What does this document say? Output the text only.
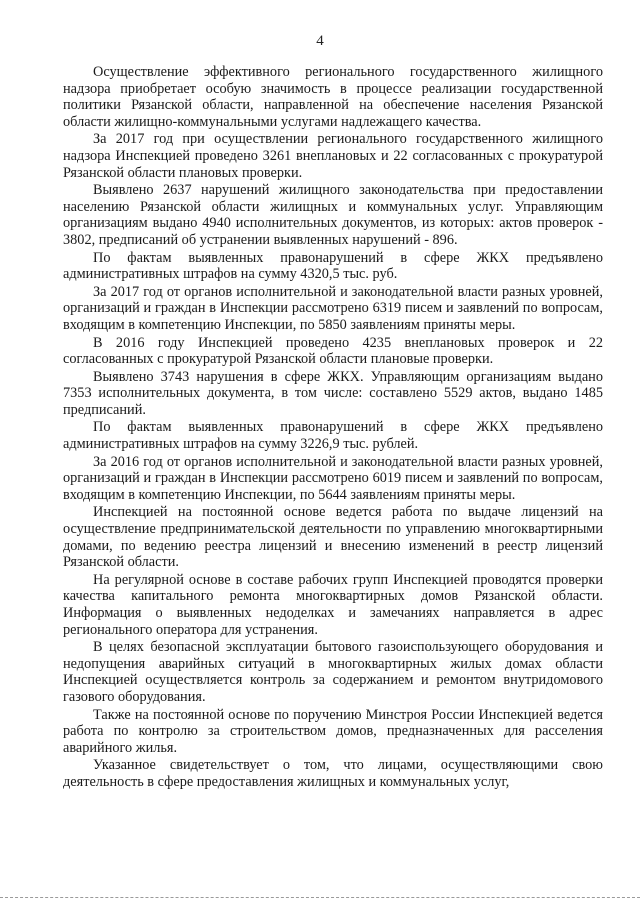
4

Осуществление эффективного регионального государственного жилищного надзора приобретает особую значимость в процессе реализации государственной политики Рязанской области, направленной на обеспечение населения Рязанской области жилищно-коммунальными услугами надлежащего качества.

За 2017 год при осуществлении регионального государственного жилищного надзора Инспекцией проведено 3261 внеплановых и 22 согласованных с прокуратурой Рязанской области плановых проверки.

Выявлено 2637 нарушений жилищного законодательства при предоставлении населению Рязанской области жилищных и коммунальных услуг. Управляющим организациям выдано 4940 исполнительных документов, из которых: актов проверок - 3802, предписаний об устранении выявленных нарушений - 896.

По фактам выявленных правонарушений в сфере ЖКХ предъявлено административных штрафов на сумму 4320,5 тыс. руб.

За 2017 год от органов исполнительной и законодательной власти разных уровней, организаций и граждан в Инспекции рассмотрено 6319 писем и заявлений по вопросам, входящим в компетенцию Инспекции, по 5850 заявлениям приняты меры.

В 2016 году Инспекцией проведено 4235 внеплановых проверок и 22 согласованных с прокуратурой Рязанской области плановые проверки.

Выявлено 3743 нарушения в сфере ЖКХ. Управляющим организациям выдано 7353 исполнительных документа, в том числе: составлено 5529 актов, выдано 1485 предписаний.

По фактам выявленных правонарушений в сфере ЖКХ предъявлено административных штрафов на сумму 3226,9 тыс. рублей.

За 2016 год от органов исполнительной и законодательной власти разных уровней, организаций и граждан в Инспекции рассмотрено 6019 писем и заявлений по вопросам, входящим в компетенцию Инспекции, по 5644 заявлениям приняты меры.

Инспекцией на постоянной основе ведется работа по выдаче лицензий на осуществление предпринимательской деятельности по управлению многоквартирными домами, по ведению реестра лицензий и внесению изменений в реестр лицензий Рязанской области.

На регулярной основе в составе рабочих групп Инспекцией проводятся проверки качества капитального ремонта многоквартирных домов Рязанской области. Информация о выявленных недоделках и замечаниях направляется в адрес регионального оператора для устранения.

В целях безопасной эксплуатации бытового газоиспользующего оборудования и недопущения аварийных ситуаций в многоквартирных жилых домах области Инспекцией осуществляется контроль за содержанием и ремонтом внутридомового газового оборудования.

Также на постоянной основе по поручению Минстроя России Инспекцией ведется работа по контролю за строительством домов, предназначенных для расселения аварийного жилья.

Указанное свидетельствует о том, что лицами, осуществляющими свою деятельность в сфере предоставления жилищных и коммунальных услуг,
